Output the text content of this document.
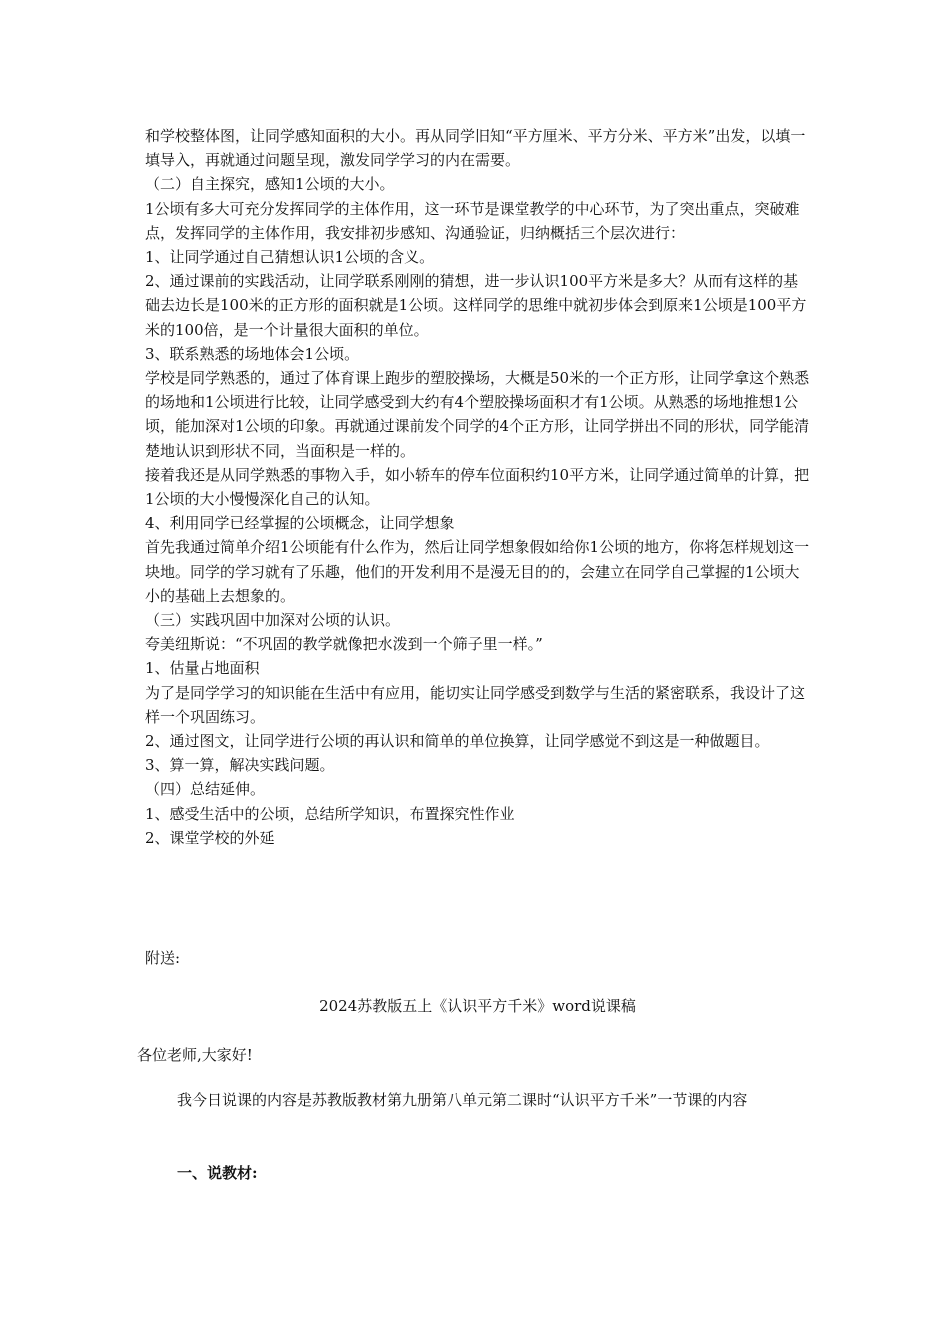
和学校整体图，让同学感知面积的大小。再从同学旧知“平方厘米、平方分米、平方米”出发，以填一填导入，再就通过问题呈现，激发同学学习的内在需要。

（二）自主探究，感知1公顷的大小。

1公顷有多大可充分发挥同学的主体作用，这一环节是课堂教学的中心环节，为了突出重点，突破难点，发挥同学的主体作用，我安排初步感知、沟通验证，归纳概括三个层次进行：

1、让同学通过自己猜想认识1公顷的含义。

2、通过课前的实践活动，让同学联系刚刚的猜想，进一步认识100平方米是多大？从而有这样的基础去边长是100米的正方形的面积就是1公顷。这样同学的思维中就初步体会到原来1公顷是100平方米的100倍，是一个计量很大面积的单位。

3、联系熟悉的场地体会1公顷。

学校是同学熟悉的，通过了体育课上跑步的塑胶操场，大概是50米的一个正方形，让同学拿这个熟悉的场地和1公顷进行比较，让同学感受到大约有4个塑胶操场面积才有1公顷。从熟悉的场地推想1公顷，能加深对1公顷的印象。再就通过课前发个同学的4个正方形，让同学拼出不同的形状，同学能清楚地认识到形状不同，当面积是一样的。

接着我还是从同学熟悉的事物入手，如小轿车的停车位面积约10平方米，让同学通过简单的计算，把1公顷的大小慢慢深化自己的认知。

4、利用同学已经掌握的公顷概念，让同学想象

首先我通过简单介绍1公顷能有什么作为，然后让同学想象假如给你1公顷的地方，你将怎样规划这一块地。同学的学习就有了乐趣，他们的开发利用不是漫无目的的，会建立在同学自己掌握的1公顷大小的基础上去想象的。

（三）实践巩固中加深对公顷的认识。

夸美纽斯说：“不巩固的教学就像把水泼到一个筛子里一样。”

1、估量占地面积

为了是同学学习的知识能在生活中有应用，能切实让同学感受到数学与生活的紧密联系，我设计了这样一个巩固练习。

2、通过图文，让同学进行公顷的再认识和简单的单位换算，让同学感觉不到这是一种做题目。

3、算一算，解决实践问题。

（四）总结延伸。

1、感受生活中的公顷，总结所学知识，布置探究性作业

2、课堂学校的外延

附送:
2024苏教版五上《认识平方千米》word说课稿
各位老师,大家好!
我今日说课的内容是苏教版教材第九册第八单元第二课时“认识平方千米”一节课的内容
一、说教材:
